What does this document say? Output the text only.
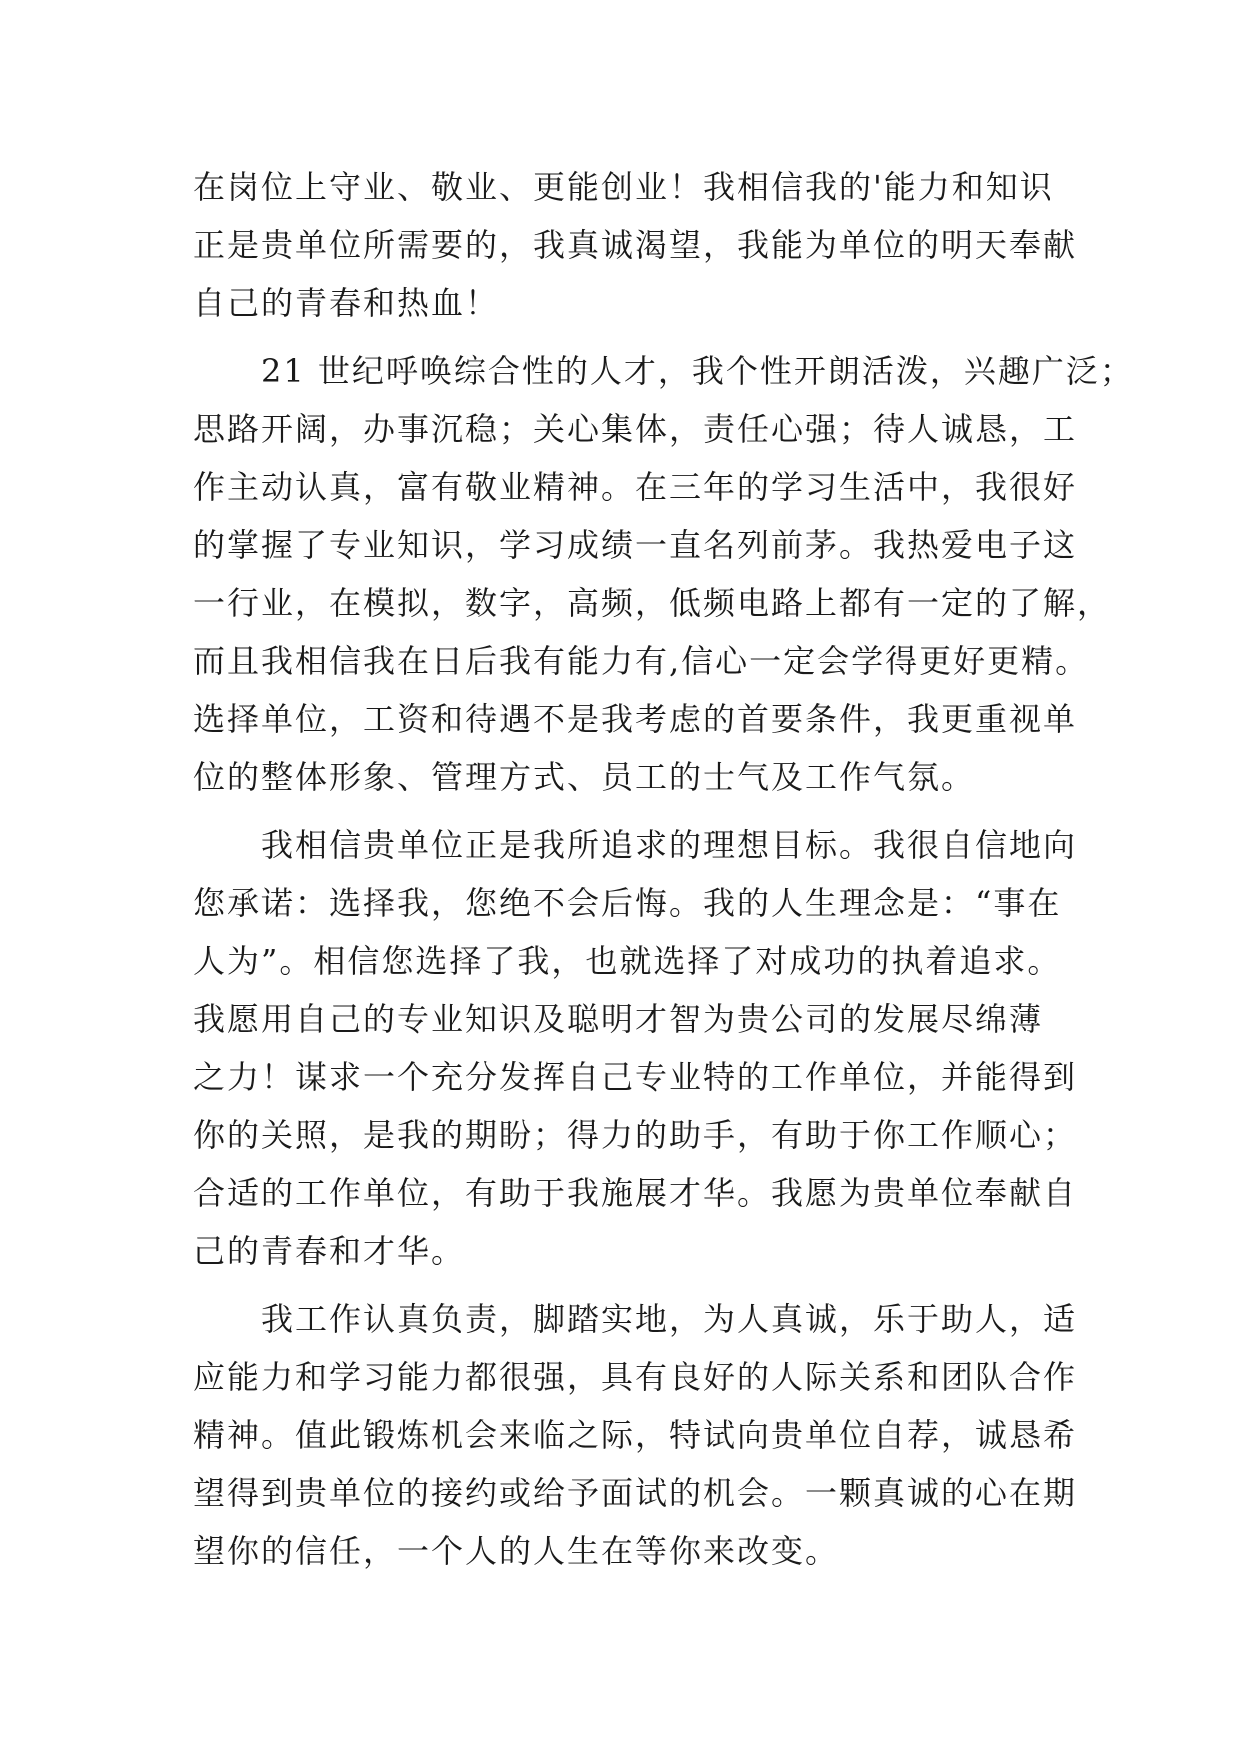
在岗位上守业、敬业、更能创业！我相信我的'能力和知识
正是贵单位所需要的，我真诚渴望，我能为单位的明天奉献
自己的青春和热血！
21 世纪呼唤综合性的人才，我个性开朗活泼，兴趣广泛；
思路开阔，办事沉稳；关心集体，责任心强；待人诚恳，工
作主动认真，富有敬业精神。在三年的学习生活中，我很好
的掌握了专业知识，学习成绩一直名列前茅。我热爱电子这
一行业，在模拟，数字，高频，低频电路上都有一定的了解，
而且我相信我在日后我有能力有,信心一定会学得更好更精。
选择单位，工资和待遇不是我考虑的首要条件，我更重视单
位的整体形象、管理方式、员工的士气及工作气氛。
我相信贵单位正是我所追求的理想目标。我很自信地向
您承诺：选择我，您绝不会后悔。我的人生理念是：“事在
人为”。相信您选择了我，也就选择了对成功的执着追求。
我愿用自己的专业知识及聪明才智为贵公司的发展尽绵薄
之力！谋求一个充分发挥自己专业特的工作单位，并能得到
你的关照，是我的期盼；得力的助手，有助于你工作顺心；
合适的工作单位，有助于我施展才华。我愿为贵单位奉献自
己的青春和才华。
我工作认真负责，脚踏实地，为人真诚，乐于助人，适
应能力和学习能力都很强，具有良好的人际关系和团队合作
精神。值此锻炼机会来临之际，特试向贵单位自荐，诚恳希
望得到贵单位的接约或给予面试的机会。一颗真诚的心在期
望你的信任，一个人的人生在等你来改变。
